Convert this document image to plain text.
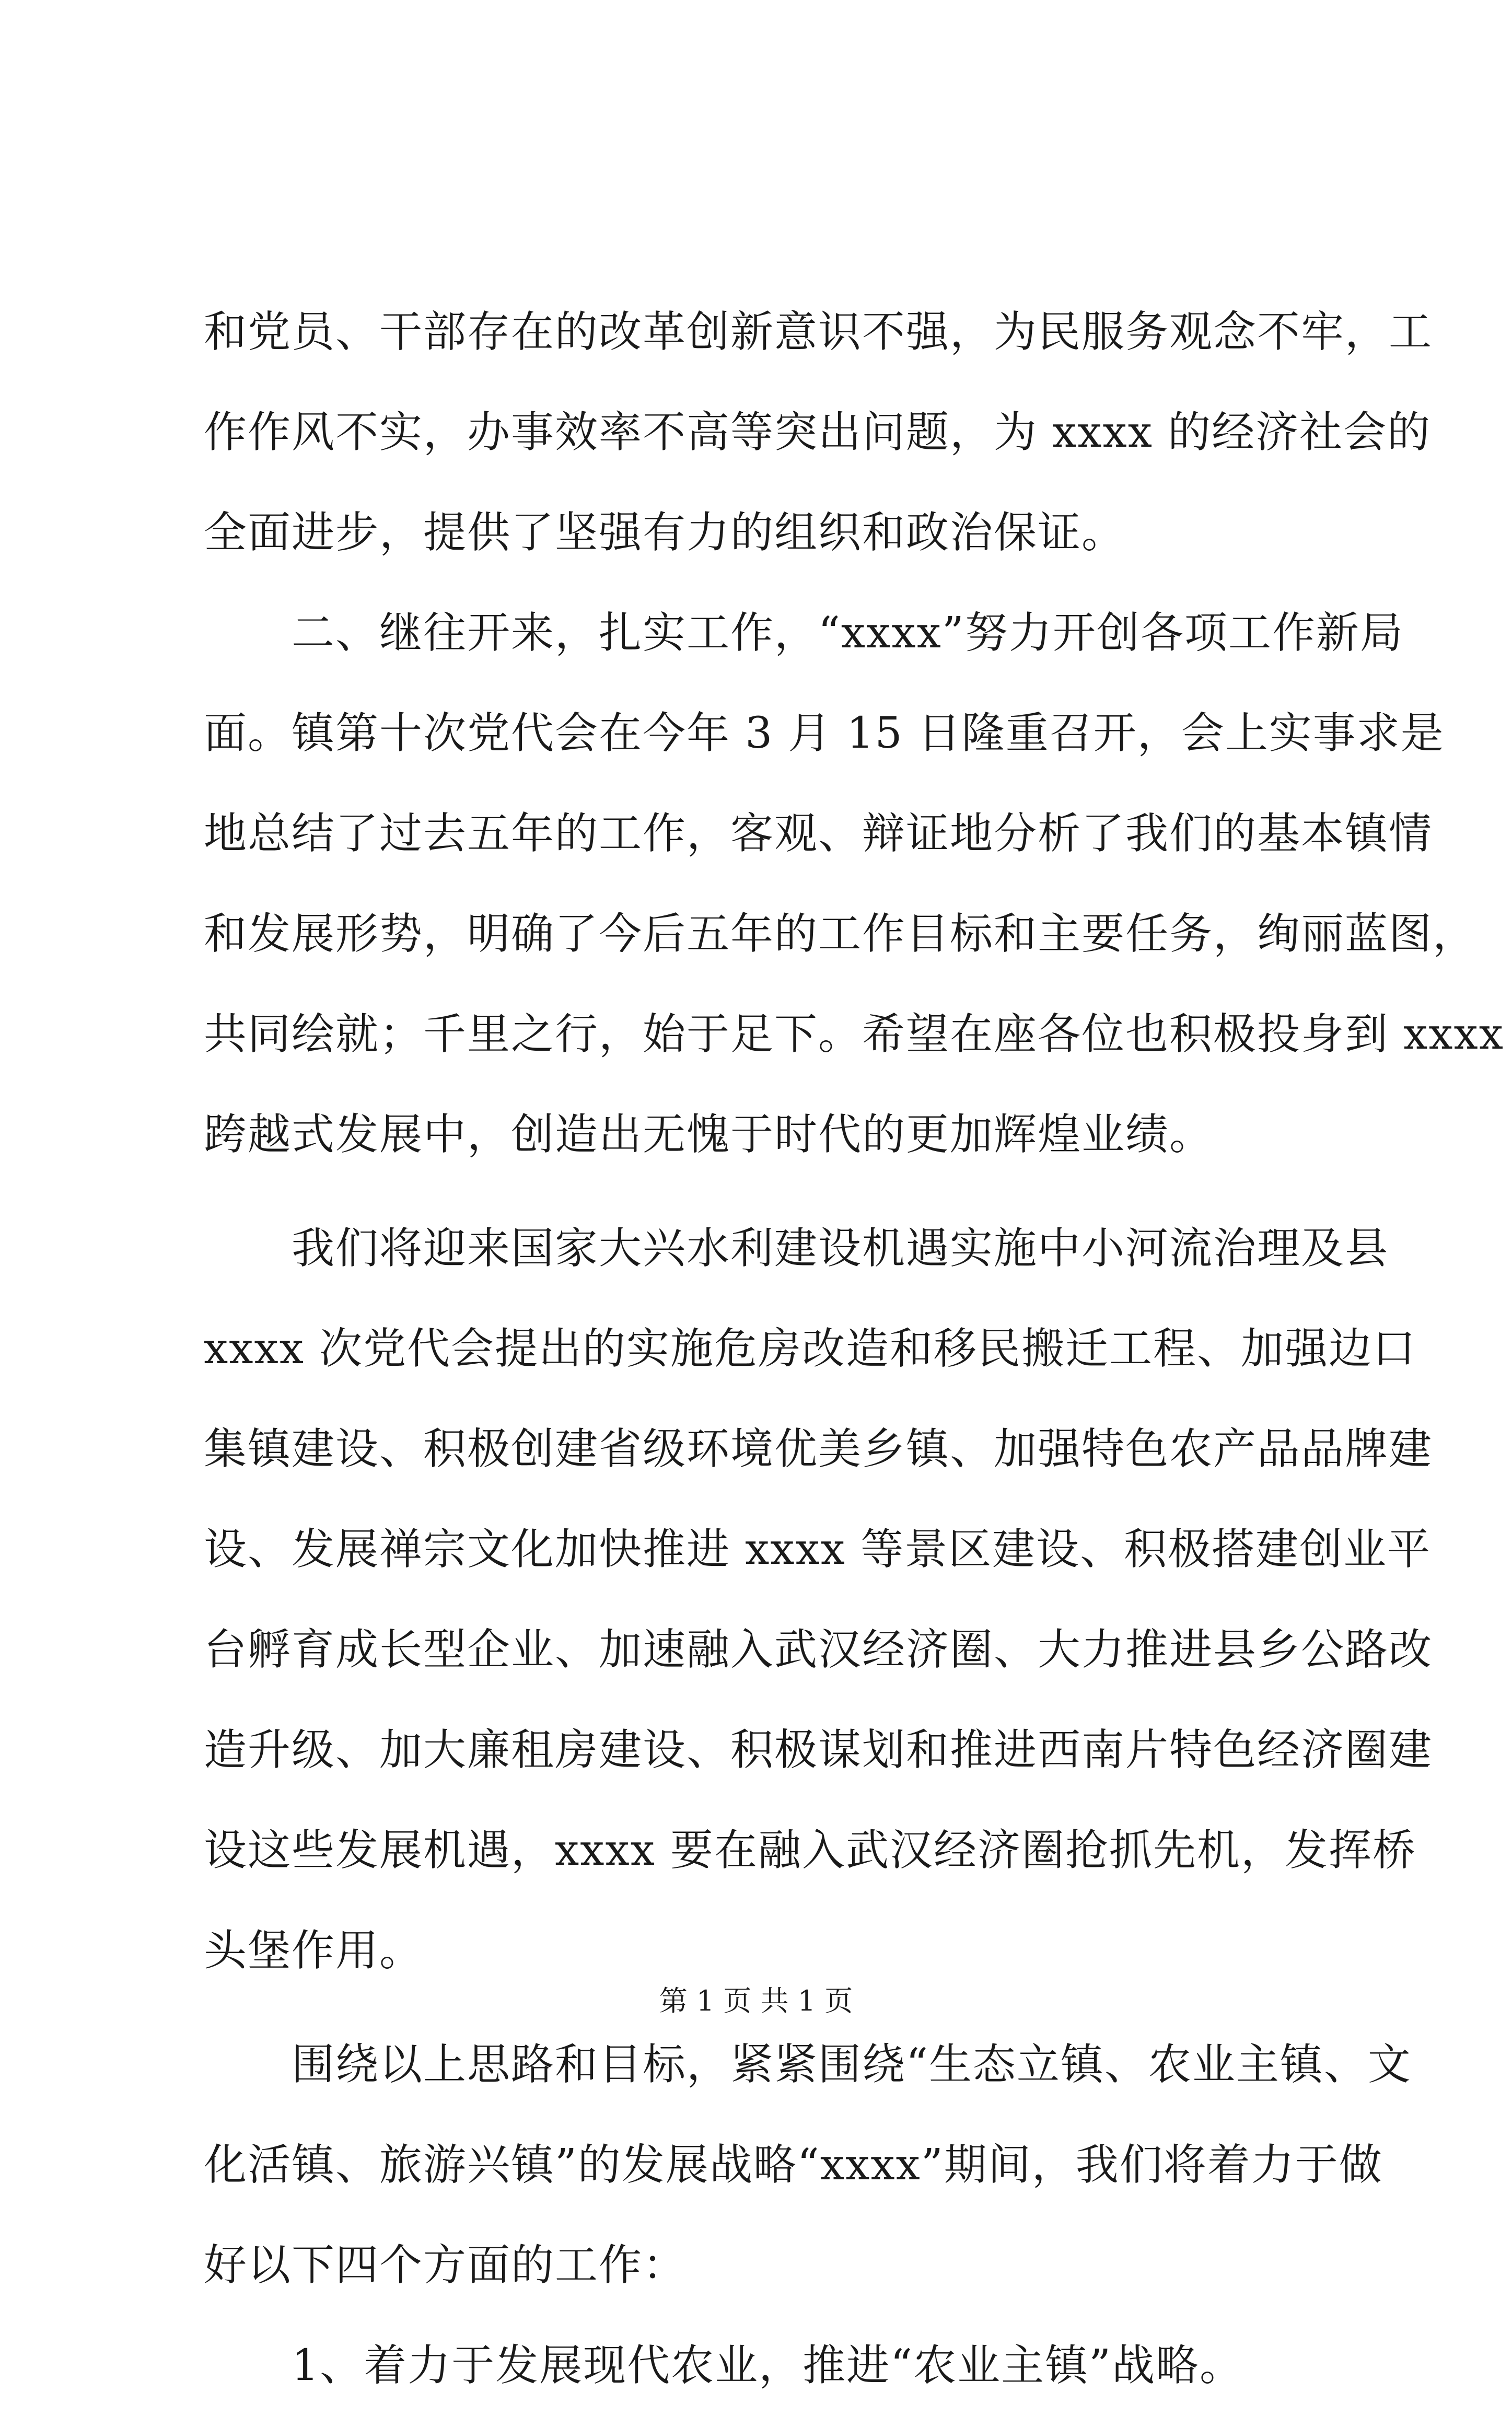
和党员、干部存在的改革创新意识不强，为民服务观念不牢，工
作作风不实，办事效率不高等突出问题，为 xxxx 的经济社会的
全面进步，提供了坚强有力的组织和政治保证。
二、继往开来，扎实工作，“xxxx”努力开创各项工作新局
面。镇第十次党代会在今年 3 月 15 日隆重召开，会上实事求是
地总结了过去五年的工作，客观、辩证地分析了我们的基本镇情
和发展形势，明确了今后五年的工作目标和主要任务，绚丽蓝图，
共同绘就；千里之行，始于足下。希望在座各位也积极投身到 xxxx
跨越式发展中，创造出无愧于时代的更加辉煌业绩。
我们将迎来国家大兴水利建设机遇实施中小河流治理及县
xxxx 次党代会提出的实施危房改造和移民搬迁工程、加强边口
集镇建设、积极创建省级环境优美乡镇、加强特色农产品品牌建
设、发展禅宗文化加快推进 xxxx 等景区建设、积极搭建创业平
台孵育成长型企业、加速融入武汉经济圈、大力推进县乡公路改
造升级、加大廉租房建设、积极谋划和推进西南片特色经济圈建
设这些发展机遇，xxxx 要在融入武汉经济圈抢抓先机，发挥桥
头堡作用。
围绕以上思路和目标，紧紧围绕“生态立镇、农业主镇、文
化活镇、旅游兴镇”的发展战略“xxxx”期间，我们将着力于做
好以下四个方面的工作：
1、着力于发展现代农业，推进“农业主镇”战略。
第 1 页 共 1 页
